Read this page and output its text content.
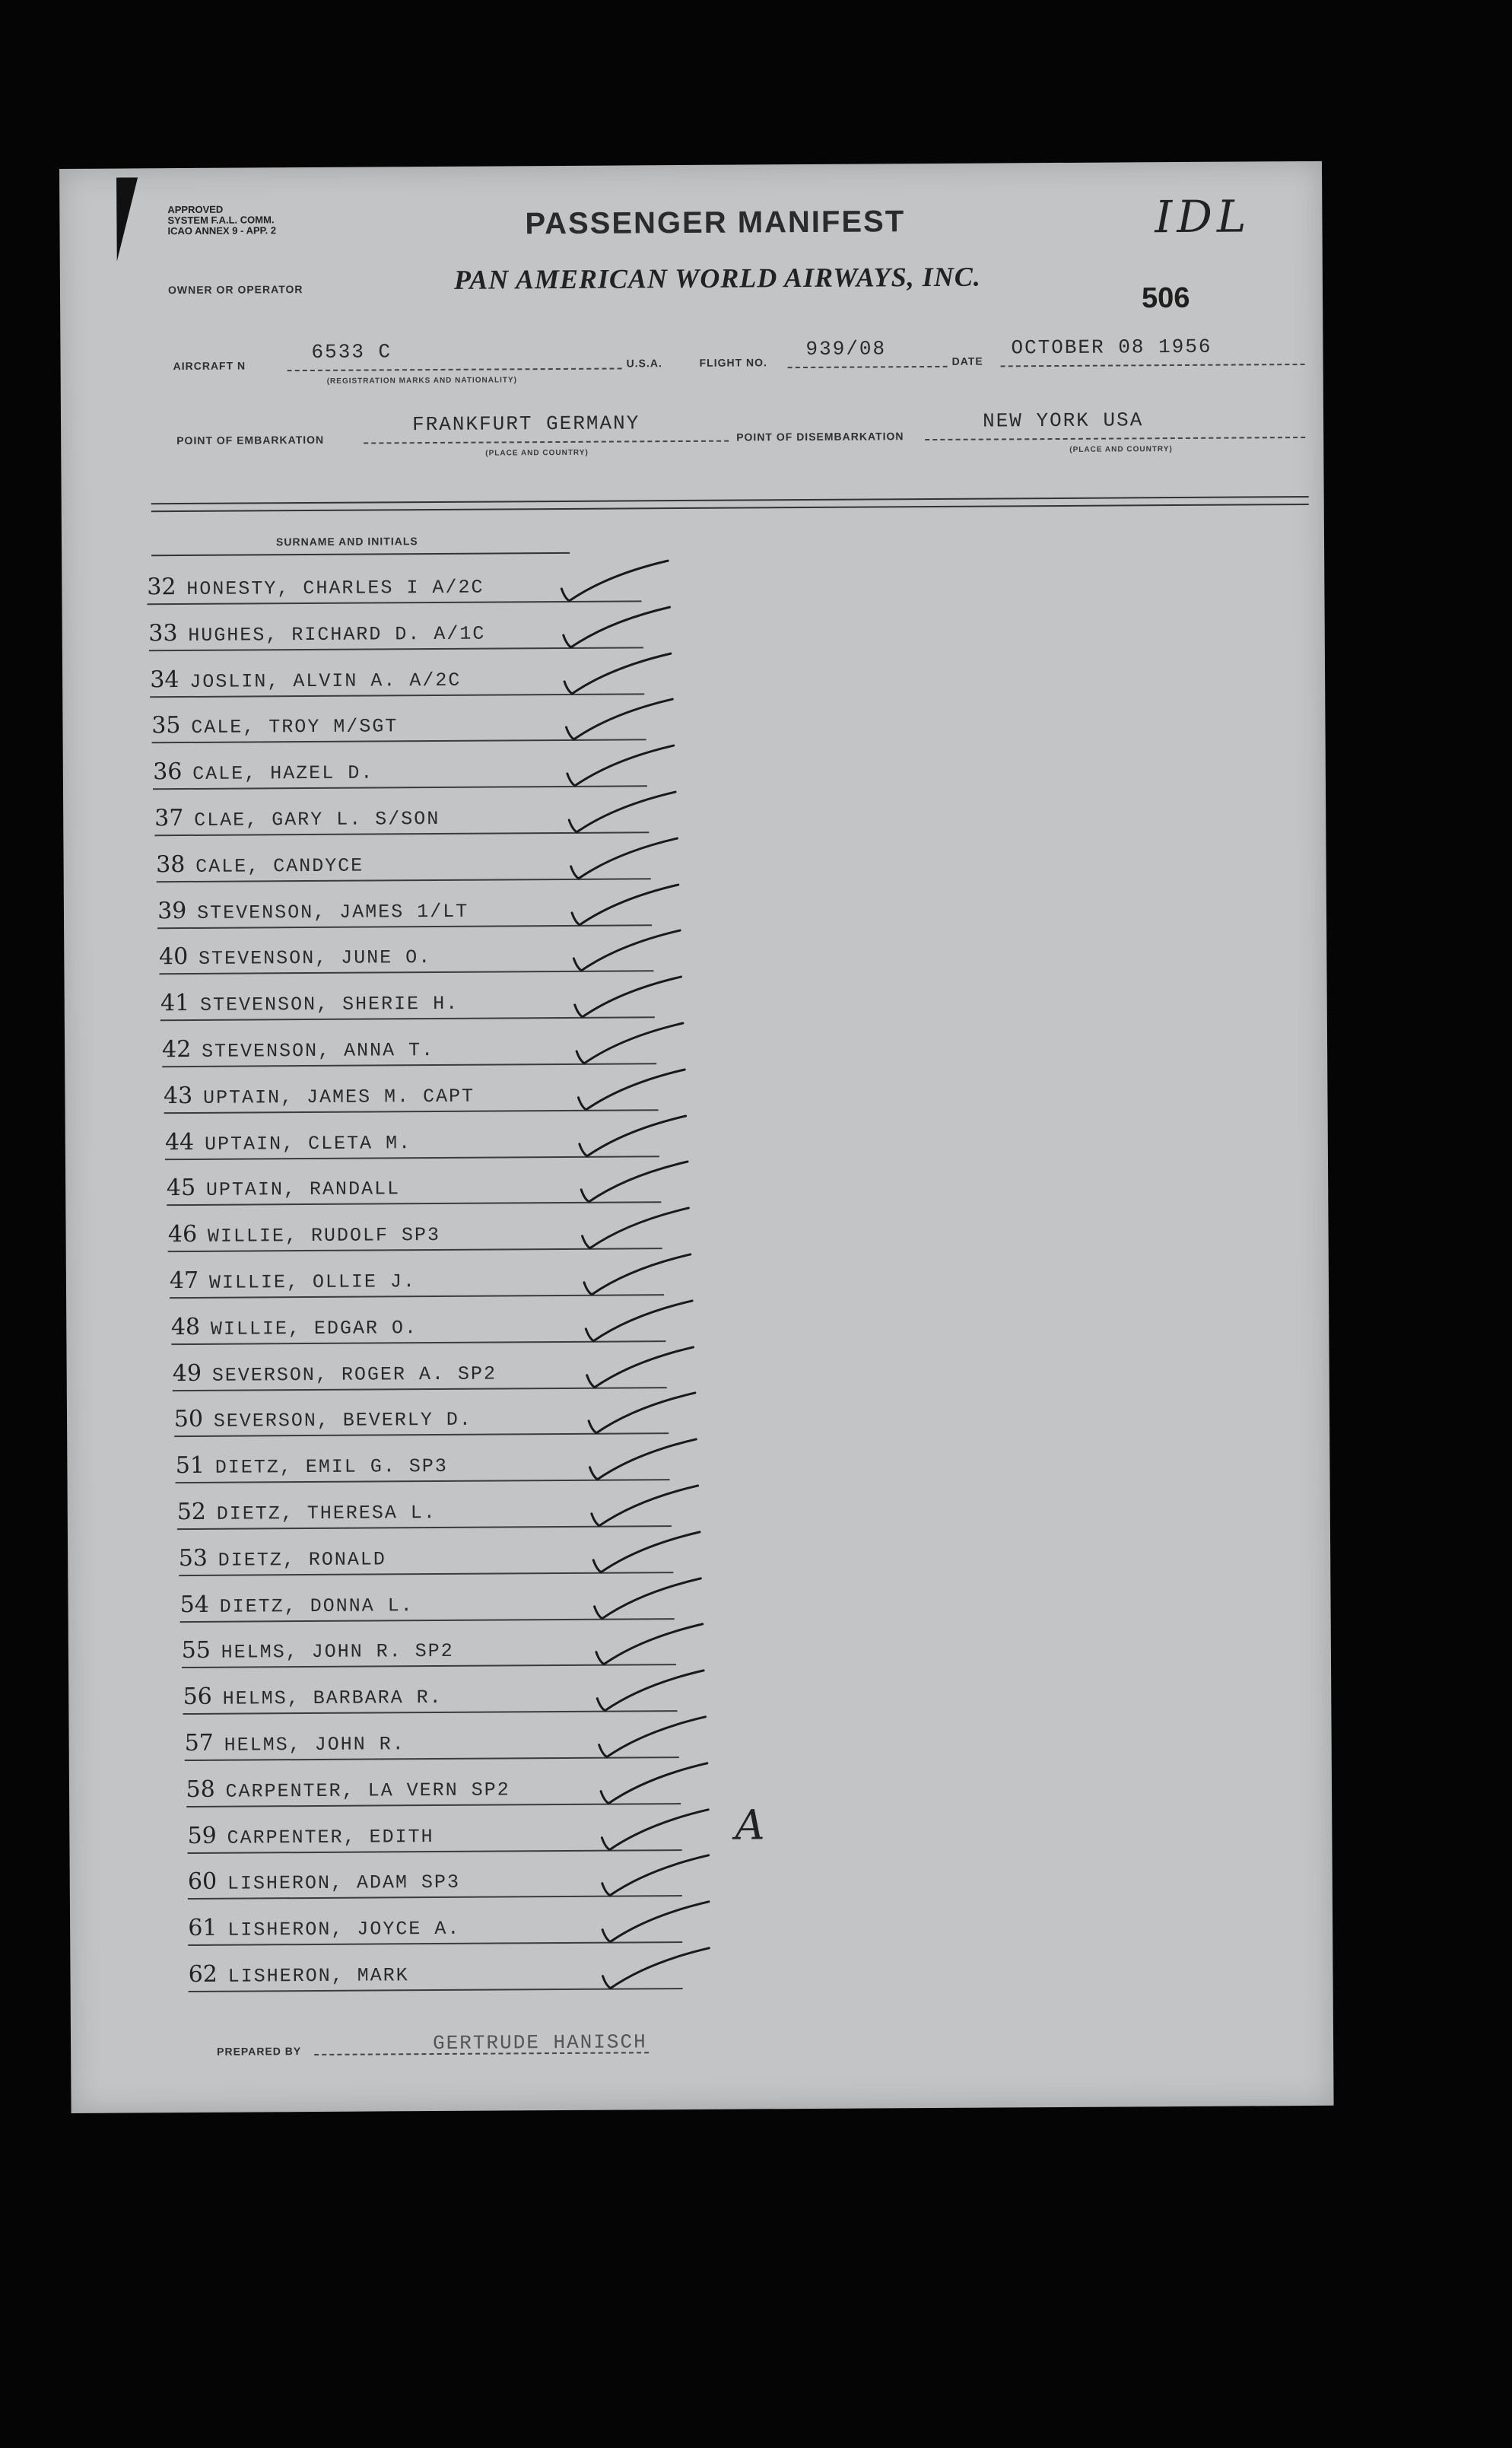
APPROVED
SYSTEM F.A.L. COMM.
ICAO ANNEX 9 - APP. 2	PASSENGER MANIFEST	IDL
OWNER OR OPERATOR	PAN AMERICAN WORLD AIRWAYS, INC.
506
AIRCRAFT N
6533 C
(REGISTRATION MARKS AND NATIONALITY)
U.S.A.	FLIGHT NO.
939/08
DATE
OCTOBER 08 1956
POINT OF EMBARKATION
FRANKFURT GERMANY
(PLACE AND COUNTRY)
POINT OF DISEMBARKATION
NEW YORK USA
(PLACE AND COUNTRY)
SURNAME AND INITIALS
32 HONESTY, CHARLES I A/2C
33 HUGHES, RICHARD D. A/1C
34 JOSLIN, ALVIN A. A/2C
35 CALE, TROY M/SGT
36 CALE, HAZEL D.
37 CLAE, GARY L. S/SON
38 CALE, CANDYCE
39 STEVENSON, JAMES 1/LT
40 STEVENSON, JUNE O.
41 STEVENSON, SHERIE H.
42 STEVENSON, ANNA T.
43 UPTAIN, JAMES M. CAPT
44 UPTAIN, CLETA M.
45 UPTAIN, RANDALL
46 WILLIE, RUDOLF SP3
47 WILLIE, OLLIE J.
48 WILLIE, EDGAR O.
49 SEVERSON, ROGER A. SP2
50 SEVERSON, BEVERLY D.
51 DIETZ, EMIL G. SP3
52 DIETZ, THERESA L.
53 DIETZ, RONALD
54 DIETZ, DONNA L.
55 HELMS, JOHN R. SP2
56 HELMS, BARBARA R.
57 HELMS, JOHN R.
58 CARPENTER, LA VERN SP2
59 CARPENTER, EDITH	A
60 LISHERON, ADAM SP3
61 LISHERON, JOYCE A.
62 LISHERON, MARK
PREPARED BY	GERTRUDE HANISCH
